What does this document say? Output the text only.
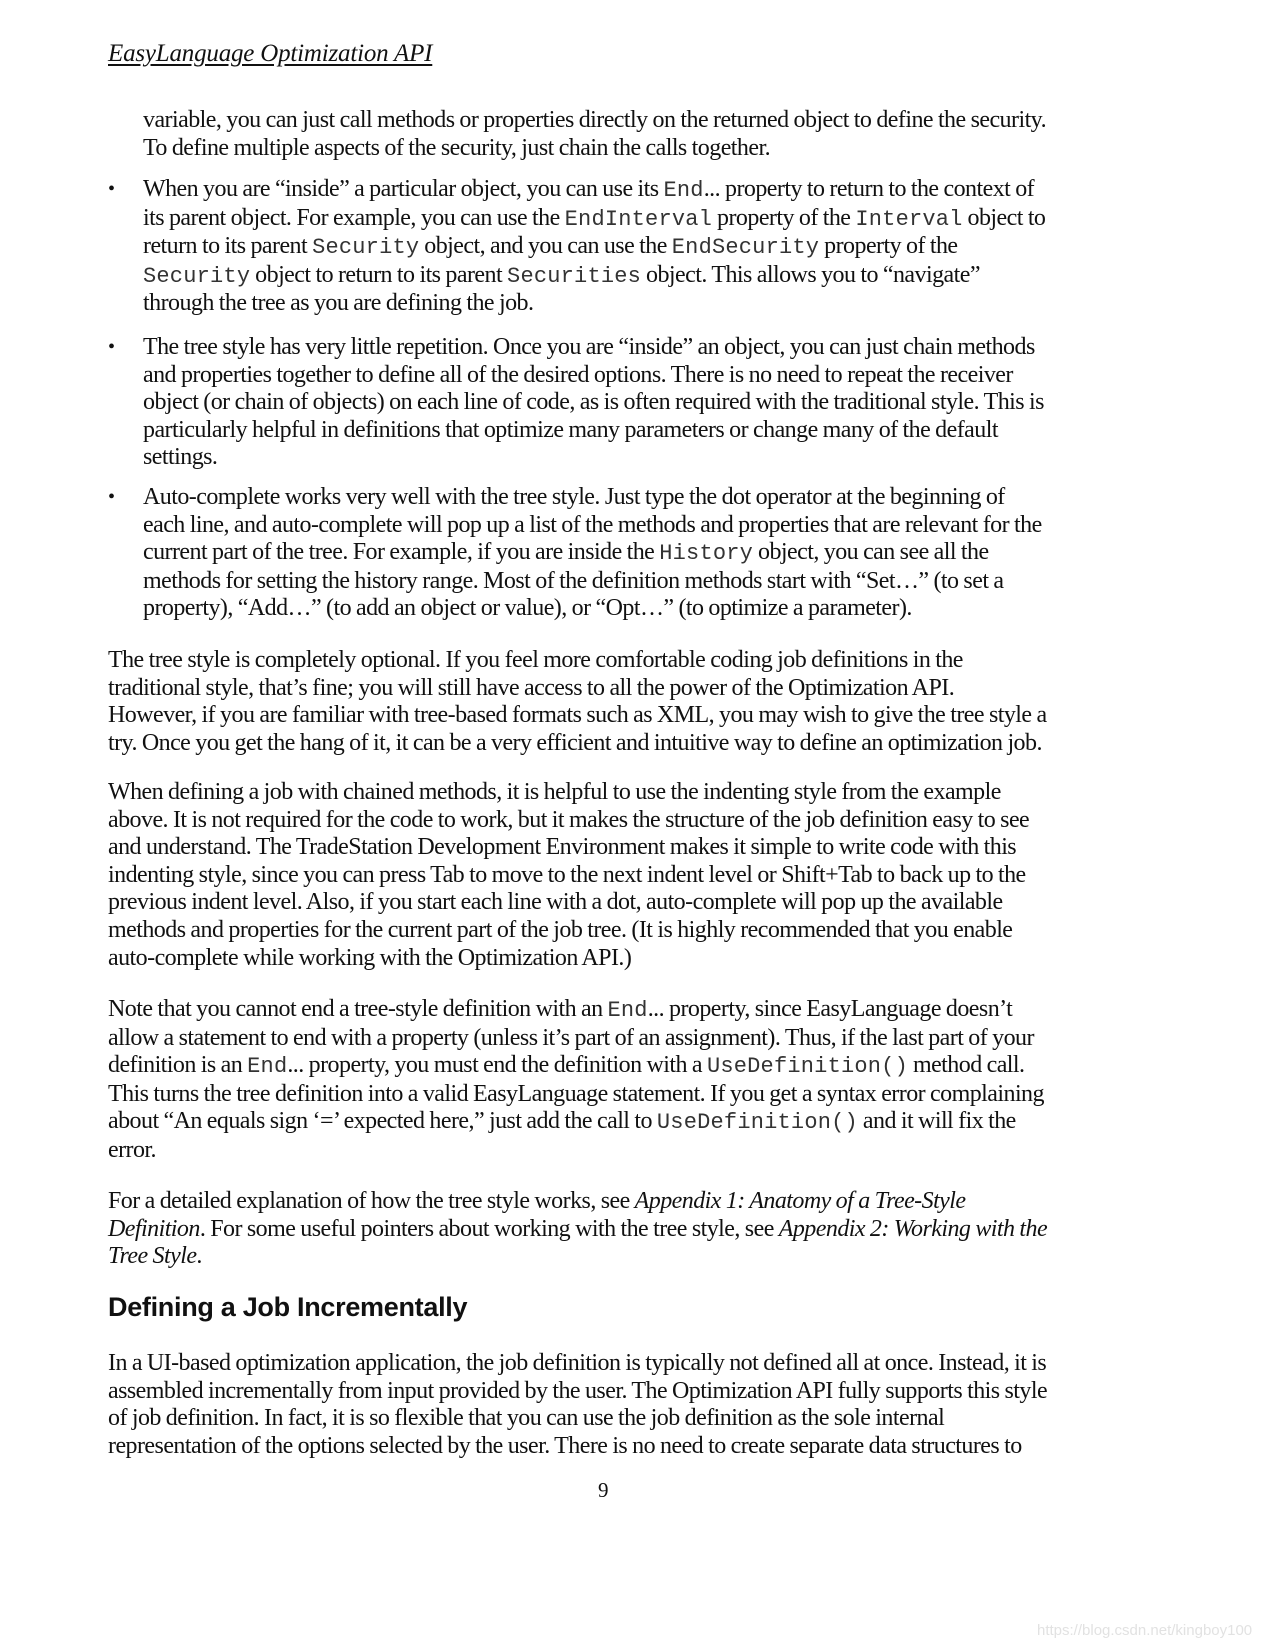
EasyLanguage Optimization API
variable, you can just call methods or properties directly on the returned object to define the security.
To define multiple aspects of the security, just chain the calls together.
• When you are “inside” a particular object, you can use its End... property to return to the context of
its parent object. For example, you can use the EndInterval property of the Interval object to
return to its parent Security object, and you can use the EndSecurity property of the
Security object to return to its parent Securities object. This allows you to “navigate”
through the tree as you are defining the job.
• The tree style has very little repetition. Once you are “inside” an object, you can just chain methods
and properties together to define all of the desired options. There is no need to repeat the receiver
object (or chain of objects) on each line of code, as is often required with the traditional style. This is
particularly helpful in definitions that optimize many parameters or change many of the default
settings.
• Auto-complete works very well with the tree style. Just type the dot operator at the beginning of
each line, and auto-complete will pop up a list of the methods and properties that are relevant for the
current part of the tree. For example, if you are inside the History object, you can see all the
methods for setting the history range. Most of the definition methods start with “Set…” (to set a
property), “Add…” (to add an object or value), or “Opt…” (to optimize a parameter).
The tree style is completely optional. If you feel more comfortable coding job definitions in the
traditional style, that’s fine; you will still have access to all the power of the Optimization API.
However, if you are familiar with tree-based formats such as XML, you may wish to give the tree style a
try. Once you get the hang of it, it can be a very efficient and intuitive way to define an optimization job.
When defining a job with chained methods, it is helpful to use the indenting style from the example
above. It is not required for the code to work, but it makes the structure of the job definition easy to see
and understand. The TradeStation Development Environment makes it simple to write code with this
indenting style, since you can press Tab to move to the next indent level or Shift+Tab to back up to the
previous indent level. Also, if you start each line with a dot, auto-complete will pop up the available
methods and properties for the current part of the job tree. (It is highly recommended that you enable
auto-complete while working with the Optimization API.)
Note that you cannot end a tree-style definition with an End... property, since EasyLanguage doesn’t
allow a statement to end with a property (unless it’s part of an assignment). Thus, if the last part of your
definition is an End... property, you must end the definition with a UseDefinition() method call.
This turns the tree definition into a valid EasyLanguage statement. If you get a syntax error complaining
about “An equals sign ‘=’ expected here,” just add the call to UseDefinition() and it will fix the
error.
For a detailed explanation of how the tree style works, see Appendix 1: Anatomy of a Tree-Style
Definition. For some useful pointers about working with the tree style, see Appendix 2: Working with the
Tree Style.
Defining a Job Incrementally
In a UI-based optimization application, the job definition is typically not defined all at once. Instead, it is
assembled incrementally from input provided by the user. The Optimization API fully supports this style
of job definition. In fact, it is so flexible that you can use the job definition as the sole internal
representation of the options selected by the user. There is no need to create separate data structures to
9
https://blog.csdn.net/kingboy100
